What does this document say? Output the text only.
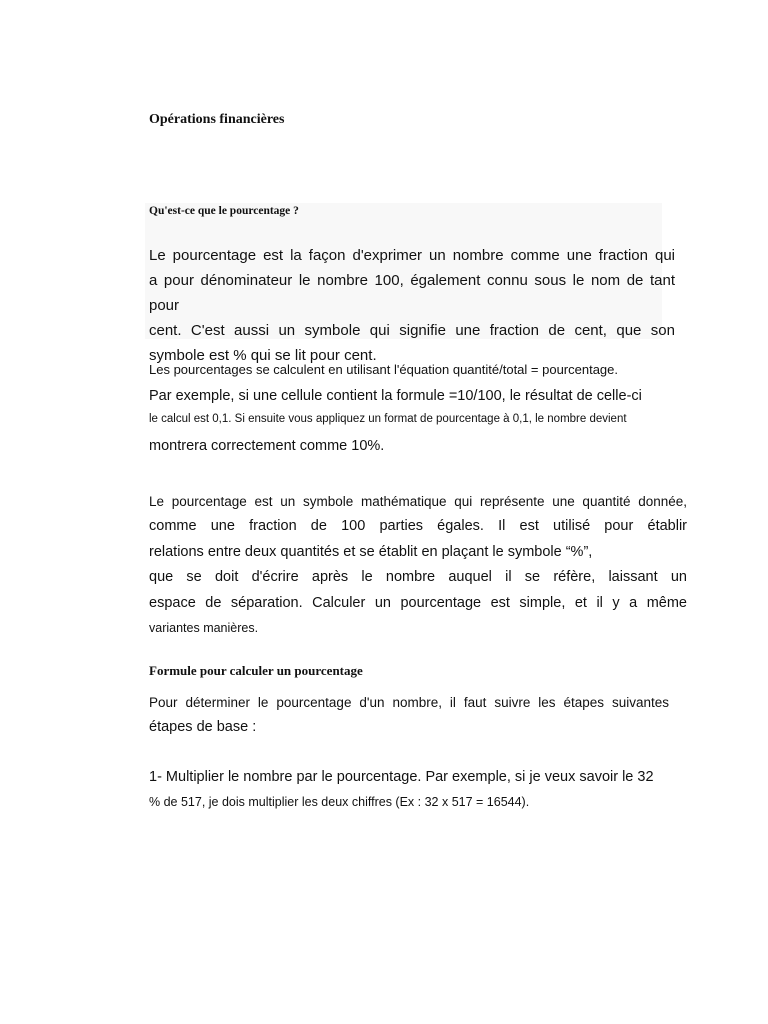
Opérations financières
Qu'est-ce que le pourcentage ?
Le pourcentage est la façon d'exprimer un nombre comme une fraction qui
a pour dénominateur le nombre 100, également connu sous le nom de tant pour
cent. C'est aussi un symbole qui signifie une fraction de cent, que son
symbole est % qui se lit pour cent.
Les pourcentages se calculent en utilisant l'équation quantité/total = pourcentage.
Par exemple, si une cellule contient la formule =10/100, le résultat de celle-ci
le calcul est 0,1. Si ensuite vous appliquez un format de pourcentage à 0,1, le nombre devient
montrera correctement comme 10%.
Le pourcentage est un symbole mathématique qui représente une quantité donnée,
comme une fraction de 100 parties égales. Il est utilisé pour établir
relations entre deux quantités et se établit en plaçant le symbole “%”,
que se doit d'écrire après le nombre auquel il se réfère, laissant un
espace de séparation. Calculer un pourcentage est simple, et il y a même
variantes manières.
Formule pour calculer un pourcentage
Pour déterminer le pourcentage d'un nombre, il faut suivre les étapes suivantes
étapes de base :
1- Multiplier le nombre par le pourcentage. Par exemple, si je veux savoir le 32
% de 517, je dois multiplier les deux chiffres (Ex : 32 x 517 = 16544).
